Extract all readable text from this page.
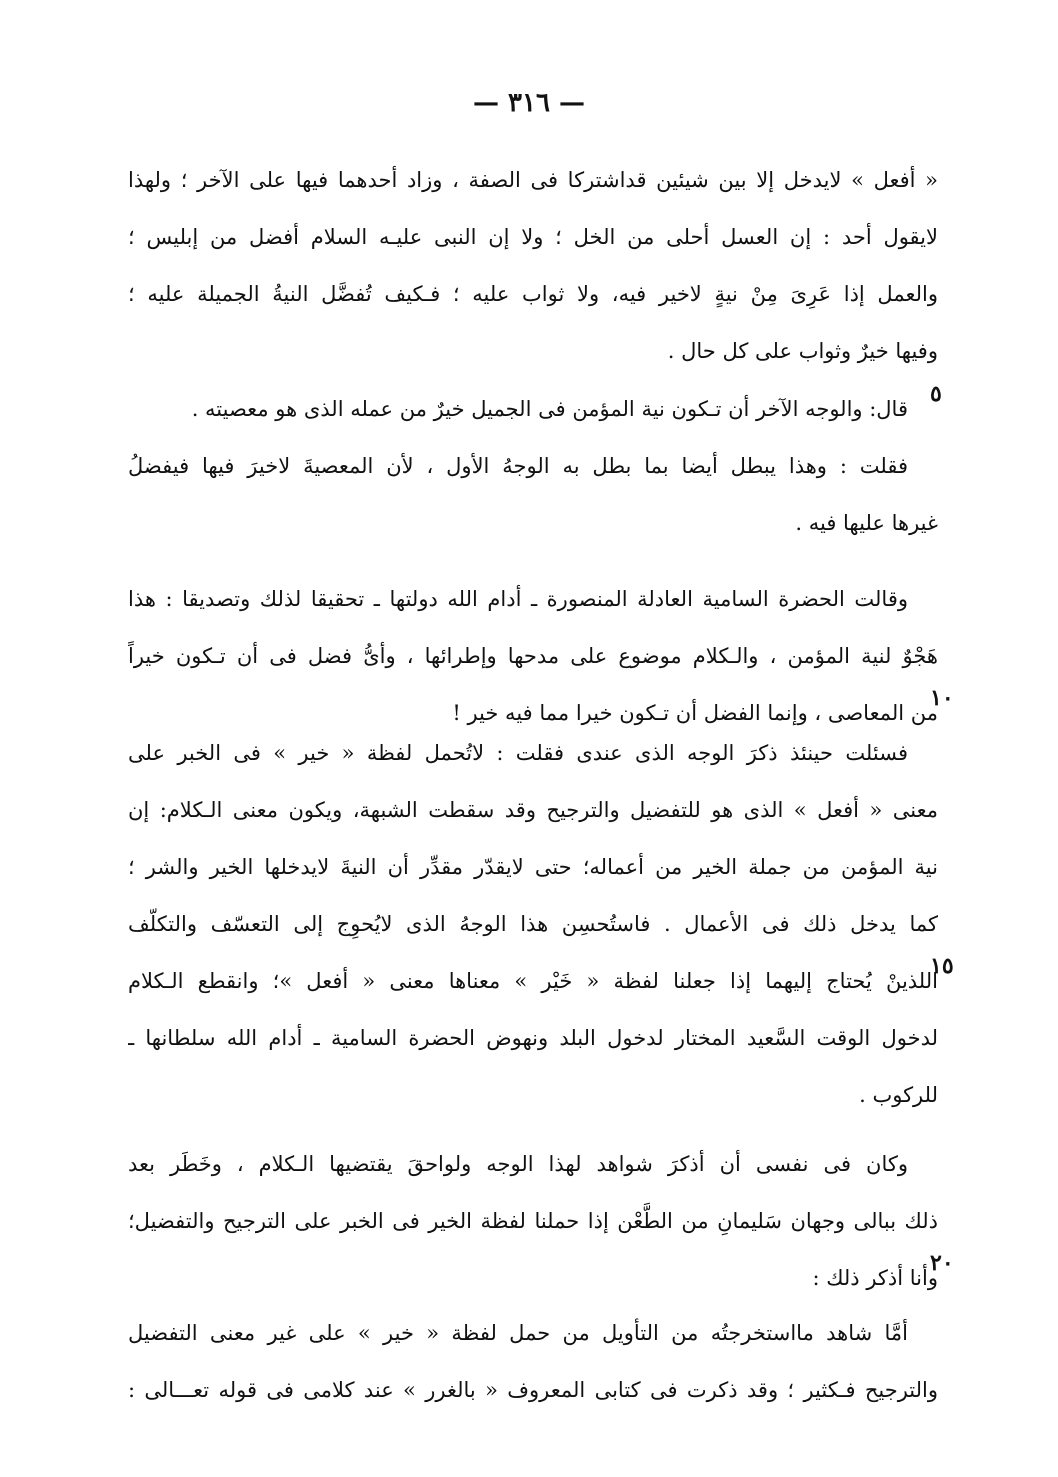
— ٣١٦ —
« أفعل » لايدخل إلا بين شيئين قداشتركا فى الصفة ، وزاد أحدهما فيها على الآخر ؛ ولهذا
لايقول أحد : إن العسل أحلى من الخل ؛ ولا إن النبى عليـه السلام أفضل من إبليس ؛
والعمل إذا عَرِىَ مِنْ نيةٍ لاخير فيه، ولا ثواب عليه ؛ فـكيف تُفضَّل النيةُ الجميلة عليه ؛
وفيها خيرٌ وثواب على كل حال .
٥
قال: والوجه الآخر أن تـكون نية المؤمن فى الجميل خيرٌ من عمله الذى هو معصيته .
فقلت : وهذا يبطل أيضا بما بطل به الوجهُ الأول ، لأن المعصيةَ لاخيرَ فيها فيفضلُ
غيرها عليها فيه .
وقالت الحضرة السامية العادلة المنصورة ـ أدام الله دولتها ـ تحقيقا لذلك وتصديقا : هذا
هَجْوٌ لنية المؤمن ، والـكلام موضوع على مدحها وإطرائها ، وأىُّ فضل فى أن تـكون خيراً
من المعاصى ، وإنما الفضل أن تـكون خيرا مما فيه خير !
١٠
فسئلت حينئذ ذكرَ الوجه الذى عندى فقلت : لاتُحمل لفظة « خير » فى الخبر على
معنى « أفعل » الذى هو للتفضيل والترجيح وقد سقطت الشبهة، ويكون معنى الـكلام: إن
نية المؤمن من جملة الخير من أعماله؛ حتى لايقدّر مقدِّر أن النيةَ لايدخلها الخير والشر ؛
كما يدخل ذلك فى الأعمال . فاستُحسِن هذا الوجهُ الذى لايُحوِج إلى التعسّف والتكلّف
اللذينْ يُحتاج إليهما إذا جعلنا لفظة « خَيْر » معناها معنى « أفعل »؛ وانقطع الـكلام
لدخول الوقت السَّعيد المختار لدخول البلد ونهوض الحضرة السامية ـ أدام الله سلطانها ـ
للركوب .
١٥
وكان فى نفسى أن أذكرَ شواهد لهذا الوجه ولواحقَ يقتضيها الـكلام ، وخَطَر بعد
ذلك ببالى وجهان سَليمانِ من الطَّعْن إذا حملنا لفظة الخير فى الخبر على الترجيح والتفضيل؛
وأنا أذكر ذلك :
٢٠
أمَّا شاهد مااستخرجتُه من التأويل من حمل لفظة « خير » على غير معنى التفضيل
والترجيح فـكثير ؛ وقد ذكرت فى كتابى المعروف « بالغرر » عند كلامى فى قوله تعـــالى :
